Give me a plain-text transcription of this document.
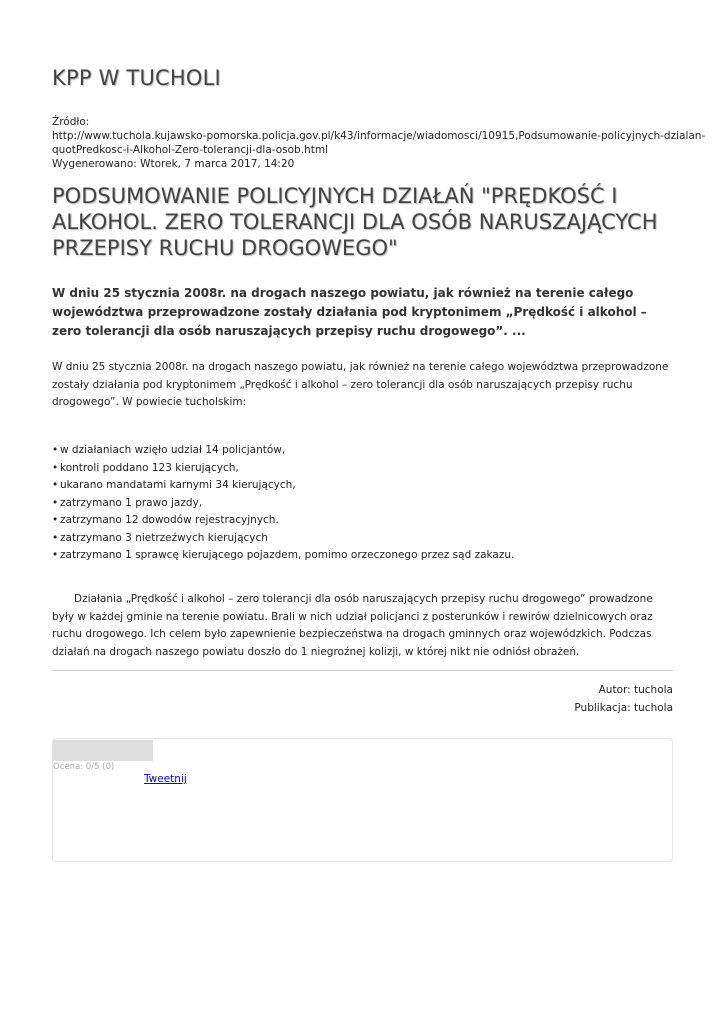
KPP W TUCHOLI
Źródło:
http://www.tuchola.kujawsko-pomorska.policja.gov.pl/k43/informacje/wiadomosci/10915,Podsumowanie-policyjnych-dzialan-
quotPredkosc-i-Alkohol-Zero-tolerancji-dla-osob.html
Wygenerowano: Wtorek, 7 marca 2017, 14:20
PODSUMOWANIE POLICYJNYCH DZIAŁAŃ "PRĘDKOŚĆ I ALKOHOL. ZERO TOLERANCJI DLA OSÓB NARUSZAJĄCYCH PRZEPISY RUCHU DROGOWEGO"

W dniu 25 stycznia 2008r. na drogach naszego powiatu, jak również na terenie całego województwa przeprowadzone zostały działania pod kryptonimem „Prędkość i alkohol – zero tolerancji dla osób naruszających przepisy ruchu drogowego”. ...

W dniu 25 stycznia 2008r. na drogach naszego powiatu, jak również na terenie całego województwa przeprowadzone zostały działania pod kryptonimem „Prędkość i alkohol – zero tolerancji dla osób naruszających przepisy ruchu drogowego”. W powiecie tucholskim:

• w działaniach wzięło udział 14 policjantów,
• kontroli poddano 123 kierujących,
• ukarano mandatami karnymi 34 kierujących,
• zatrzymano 1 prawo jazdy,
• zatrzymano 12 dowodów rejestracyjnych.
• zatrzymano 3 nietrzeźwych kierujących
• zatrzymano 1 sprawcę kierującego pojazdem, pomimo orzeczonego przez sąd zakazu.

Działania „Prędkość i alkohol – zero tolerancji dla osób naruszających przepisy ruchu drogowego” prowadzone były w każdej gminie na terenie powiatu. Brali w nich udział policjanci z posterunków i rewirów dzielnicowych oraz ruchu drogowego. Ich celem było zapewnienie bezpieczeństwa na drogach gminnych oraz wojewódzkich. Podczas działań na drogach naszego powiatu doszło do 1 niegroźnej kolizji, w której nikt nie odniósł obrażeń.

Autor: tuchola
Publikacja: tuchola
Ocena: 0/5 (0)
Tweetnij
